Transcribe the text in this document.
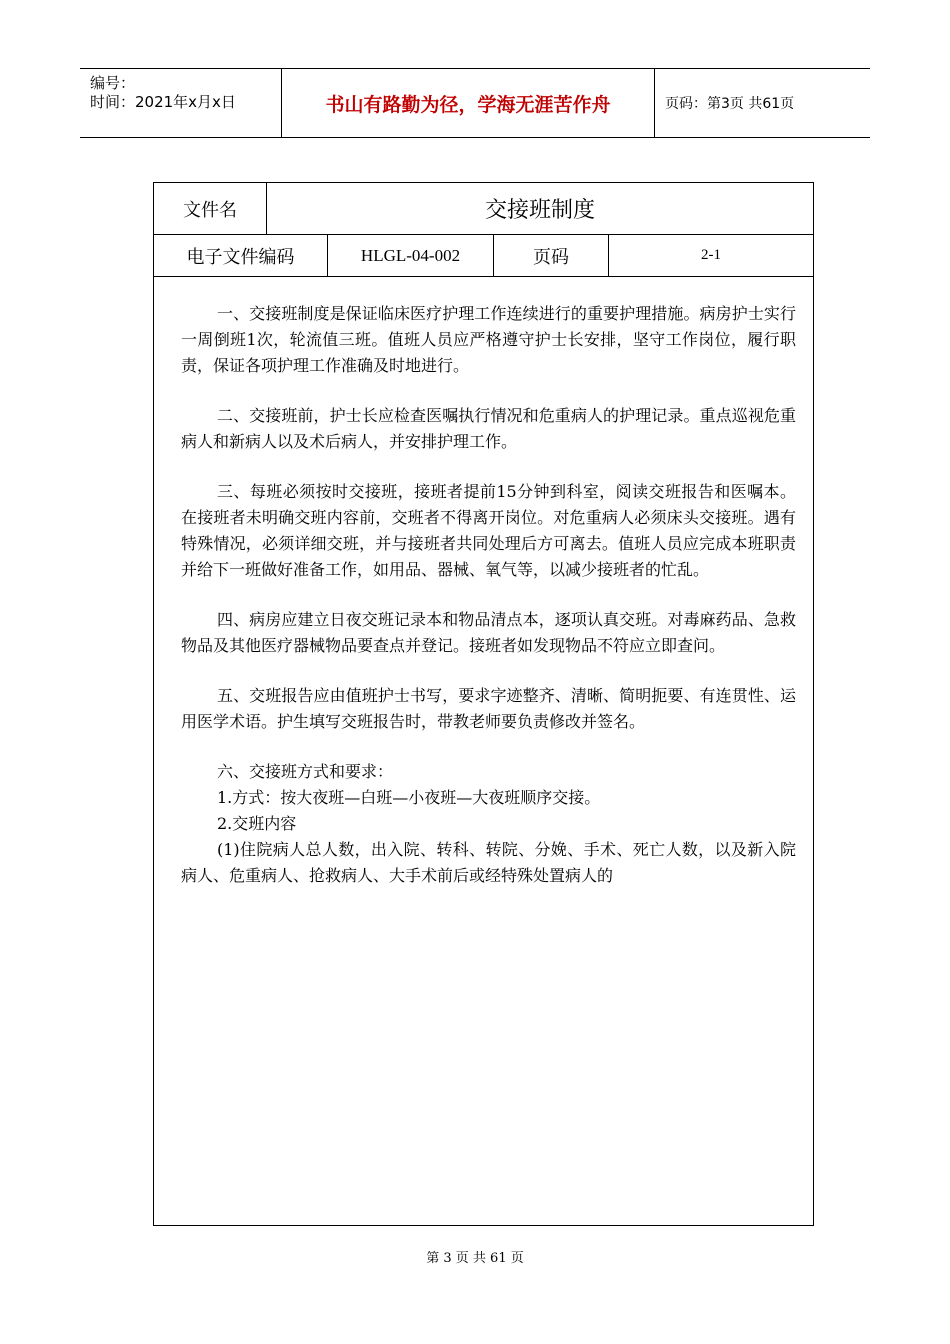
编号：
时间：2021年x月x日	书山有路勤为径，学海无涯苦作舟	页码：第3页 共61页
文件名	交接班制度
电子文件编码	HLGL-04-002	页码	2-1

一、交接班制度是保证临床医疗护理工作连续进行的重要护理措施。病房护士实行一周倒班1次，轮流值三班。值班人员应严格遵守护士长安排，坚守工作岗位，履行职责，保证各项护理工作准确及时地进行。

二、交接班前，护士长应检查医嘱执行情况和危重病人的护理记录。重点巡视危重病人和新病人以及术后病人，并安排护理工作。

三、每班必须按时交接班，接班者提前15分钟到科室，阅读交班报告和医嘱本。在接班者未明确交班内容前，交班者不得离开岗位。对危重病人必须床头交接班。遇有特殊情况，必须详细交班，并与接班者共同处理后方可离去。值班人员应完成本班职责并给下一班做好准备工作，如用品、器械、氧气等，以减少接班者的忙乱。

四、病房应建立日夜交班记录本和物品清点本，逐项认真交班。对毒麻药品、急救物品及其他医疗器械物品要查点并登记。接班者如发现物品不符应立即查问。

五、交班报告应由值班护士书写，要求字迹整齐、清晰、简明扼要、有连贯性、运用医学术语。护生填写交班报告时，带教老师要负责修改并签名。

六、交接班方式和要求：

1.方式：按大夜班—白班—小夜班—大夜班顺序交接。

2.交班内容

(1)住院病人总人数，出入院、转科、转院、分娩、手术、死亡人数，以及新入院病人、危重病人、抢救病人、大手术前后或经特殊处置病人的

第 3 页 共 61 页
